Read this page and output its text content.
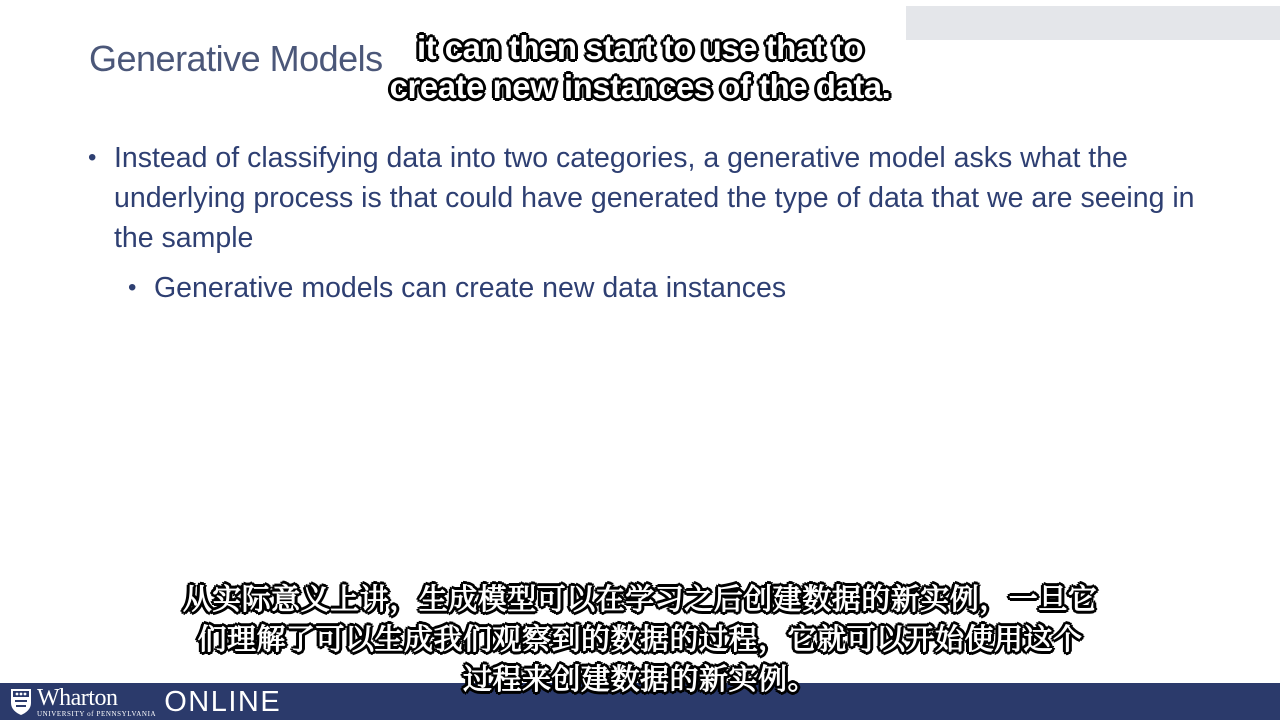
Generative Models
• Instead of classifying data into two categories, a generative model asks what the underlying process is that could have generated the type of data that we are seeing in the sample
• Generative models can create new data instances
it can then start to use that to
create new instances of the data.
Wharton
UNIVERSITY of PENNSYLVANIA ONLINE
从实际意义上讲，生成模型可以在学习之后创建数据的新实例，一旦它
们理解了可以生成我们观察到的数据的过程，它就可以开始使用这个
过程来创建数据的新实例。
